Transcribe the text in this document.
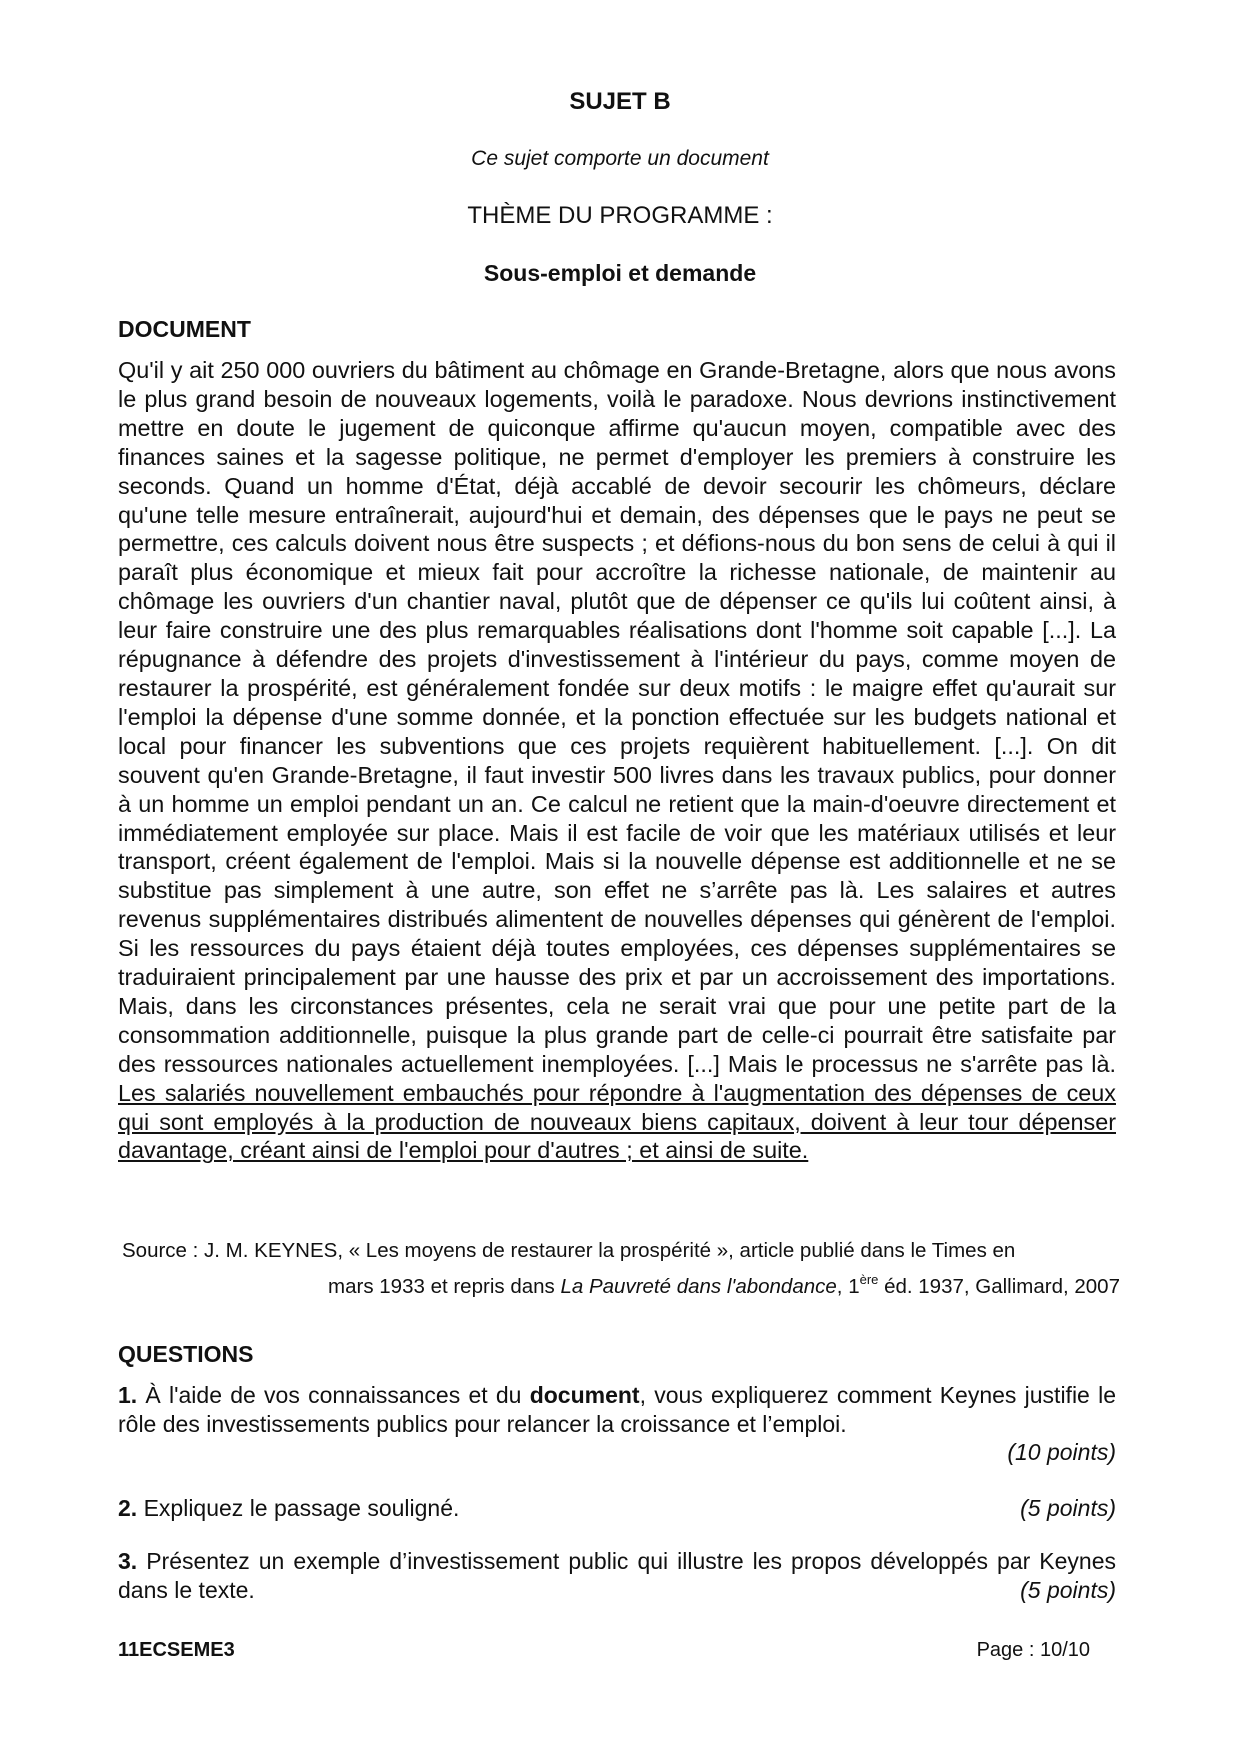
SUJET B
Ce sujet comporte un document
THÈME DU PROGRAMME :
Sous-emploi et demande
DOCUMENT
Qu'il y ait 250 000 ouvriers du bâtiment au chômage en Grande-Bretagne, alors que nous avons le plus grand besoin de nouveaux logements, voilà le paradoxe. Nous devrions instinctivement mettre en doute le jugement de quiconque affirme qu'aucun moyen, compatible avec des finances saines et la sagesse politique, ne permet d'employer les premiers à construire les seconds. Quand un homme d'État, déjà accablé de devoir secourir les chômeurs, déclare qu'une telle mesure entraînerait, aujourd'hui et demain, des dépenses que le pays ne peut se permettre, ces calculs doivent nous être suspects ; et défions-nous du bon sens de celui à qui il paraît plus économique et mieux fait pour accroître la richesse nationale, de maintenir au chômage les ouvriers d'un chantier naval, plutôt que de dépenser ce qu'ils lui coûtent ainsi, à leur faire construire une des plus remarquables réalisations dont l'homme soit capable [...]. La répugnance à défendre des projets d'investissement à l'intérieur du pays, comme moyen de restaurer la prospérité, est généralement fondée sur deux motifs : le maigre effet qu'aurait sur l'emploi la dépense d'une somme donnée, et la ponction effectuée sur les budgets national et local pour financer les subventions que ces projets requièrent habituellement. [...]. On dit souvent qu'en Grande-Bretagne, il faut investir 500 livres dans les travaux publics, pour donner à un homme un emploi pendant un an. Ce calcul ne retient que la main-d'oeuvre directement et immédiatement employée sur place. Mais il est facile de voir que les matériaux utilisés et leur transport, créent également de l'emploi. Mais si la nouvelle dépense est additionnelle et ne se substitue pas simplement à une autre, son effet ne s’arrête pas là. Les salaires et autres revenus supplémentaires distribués alimentent de nouvelles dépenses qui génèrent de l'emploi. Si les ressources du pays étaient déjà toutes employées, ces dépenses supplémentaires se traduiraient principalement par une hausse des prix et par un accroissement des importations. Mais, dans les circonstances présentes, cela ne serait vrai que pour une petite part de la consommation additionnelle, puisque la plus grande part de celle-ci pourrait être satisfaite par des ressources nationales actuellement inemployées. [...] Mais le processus ne s'arrête pas là. Les salariés nouvellement embauchés pour répondre à l'augmentation des dépenses de ceux qui sont employés à la production de nouveaux biens capitaux, doivent à leur tour dépenser davantage, créant ainsi de l'emploi pour d'autres ; et ainsi de suite.
Source : J. M. KEYNES, « Les moyens de restaurer la prospérité », article publié dans le Times en
mars 1933 et repris dans La Pauvreté dans l'abondance, 1ère éd. 1937, Gallimard, 2007
QUESTIONS
1. À l'aide de vos connaissances et du document, vous expliquerez comment Keynes justifie le rôle des investissements publics pour relancer la croissance et l’emploi.
(10 points)
2. Expliquez le passage souligné.	(5 points)
3. Présentez un exemple d’investissement public qui illustre les propos développés par Keynes dans le texte.	(5 points)
11ECSEME3	Page : 10/10
